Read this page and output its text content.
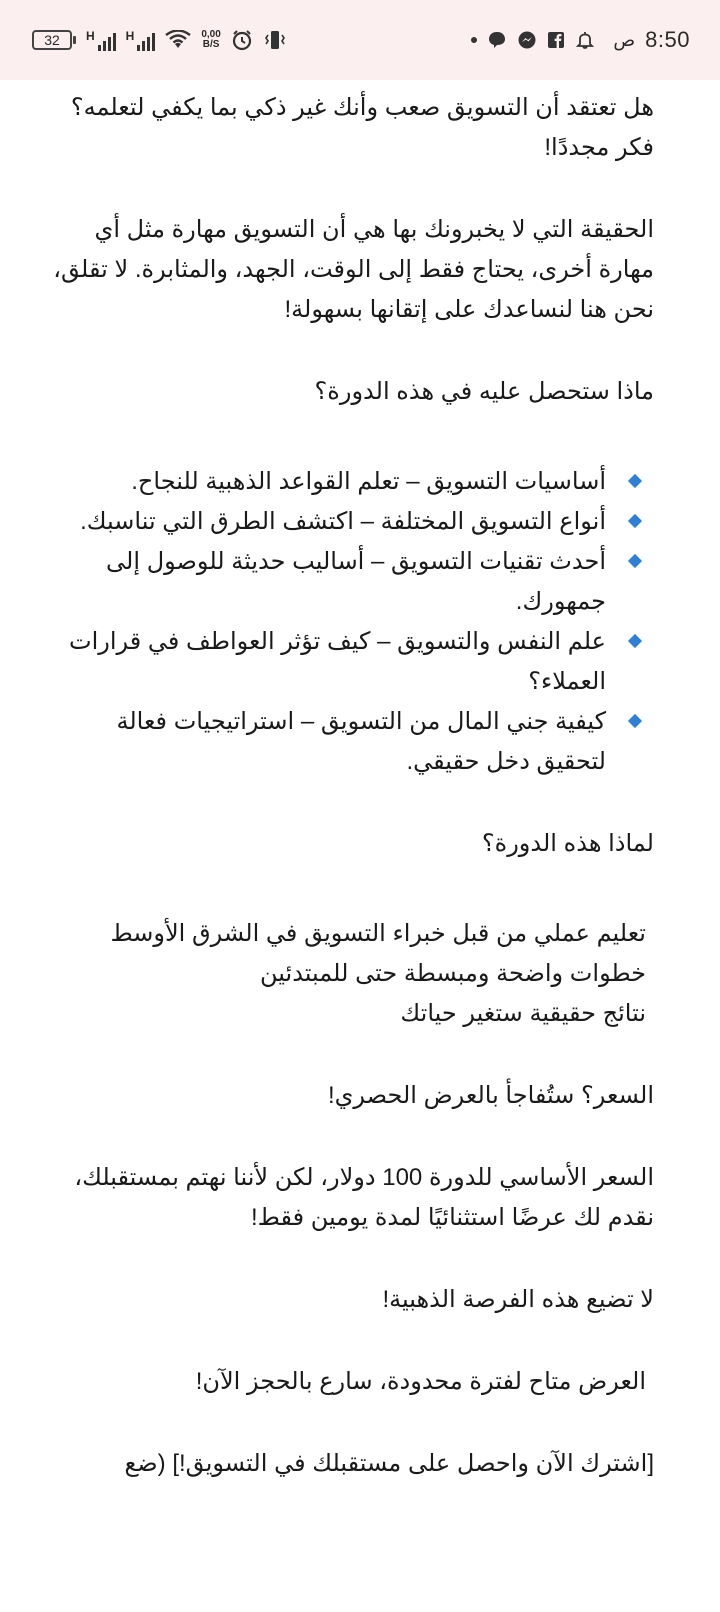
32 H	H	0,00
B/S	ص 8:50

هل تعتقد أن التسويق صعب وأنك غير ذكي بما يكفي لتعلمه؟

فكر مجددًا!

الحقيقة التي لا يخبرونك بها هي أن التسويق مهارة مثل أي مهارة أخرى، يحتاج فقط إلى الوقت، الجهد، والمثابرة. لا تقلق، نحن هنا لنساعدك على إتقانها بسهولة!

ماذا ستحصل عليه في هذه الدورة؟

أساسيات التسويق – تعلم القواعد الذهبية للنجاح.
أنواع التسويق المختلفة – اكتشف الطرق التي تناسبك.
أحدث تقنيات التسويق – أساليب حديثة للوصول إلى جمهورك.
علم النفس والتسويق – كيف تؤثر العواطف في قرارات العملاء؟
كيفية جني المال من التسويق – استراتيجيات فعالة لتحقيق دخل حقيقي.

لماذا هذه الدورة؟

تعليم عملي من قبل خبراء التسويق في الشرق الأوسط

خطوات واضحة ومبسطة حتى للمبتدئين

نتائج حقيقية ستغير حياتك

السعر؟ ستُفاجأ بالعرض الحصري!

السعر الأساسي للدورة 100 دولار، لكن لأننا نهتم بمستقبلك، نقدم لك عرضًا استثنائيًا لمدة يومين فقط!

لا تضيع هذه الفرصة الذهبية!

العرض متاح لفترة محدودة، سارع بالحجز الآن!

[اشترك الآن واحصل على مستقبلك في التسويق!] (ضع
